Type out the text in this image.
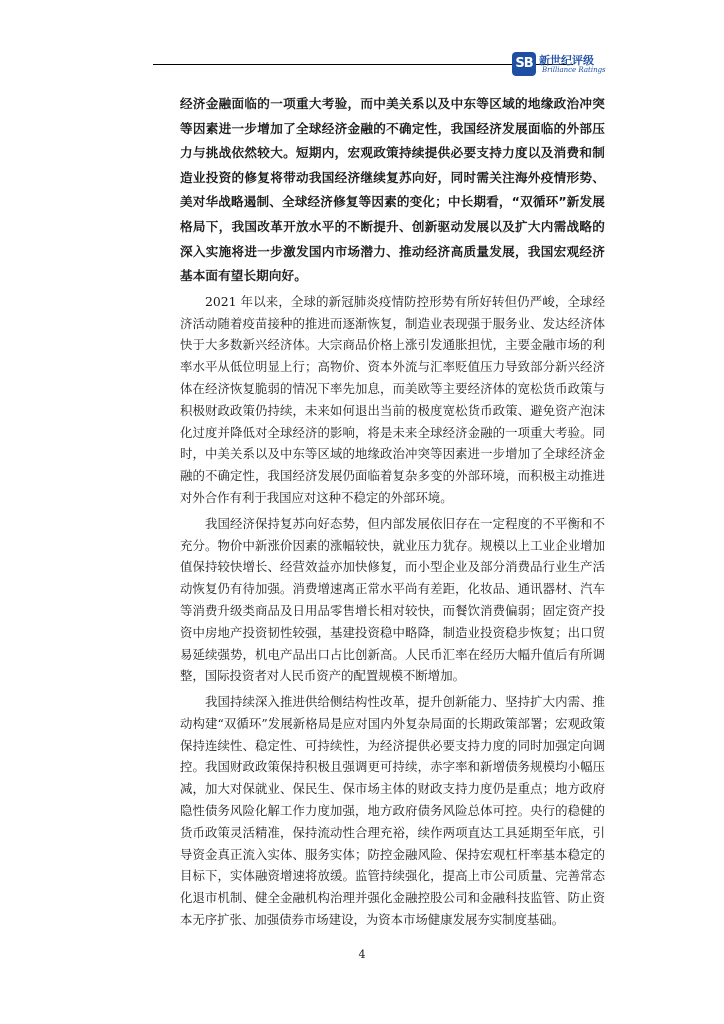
SB 新世纪评级
Brilliance Ratings

经济金融面临的一项重大考验，而中美关系以及中东等区域的地缘政治冲突等因素进一步增加了全球经济金融的不确定性，我国经济发展面临的外部压力与挑战依然较大。短期内，宏观政策持续提供必要支持力度以及消费和制造业投资的修复将带动我国经济继续复苏向好，同时需关注海外疫情形势、美对华战略遏制、全球经济修复等因素的变化；中长期看，“双循环”新发展格局下，我国改革开放水平的不断提升、创新驱动发展以及扩大内需战略的深入实施将进一步激发国内市场潜力、推动经济高质量发展，我国宏观经济基本面有望长期向好。

2021 年以来，全球的新冠肺炎疫情防控形势有所好转但仍严峻，全球经济活动随着疫苗接种的推进而逐渐恢复，制造业表现强于服务业、发达经济体快于大多数新兴经济体。大宗商品价格上涨引发通胀担忧，主要金融市场的利率水平从低位明显上行；高物价、资本外流与汇率贬值压力导致部分新兴经济体在经济恢复脆弱的情况下率先加息，而美欧等主要经济体的宽松货币政策与积极财政政策仍持续，未来如何退出当前的极度宽松货币政策、避免资产泡沫化过度并降低对全球经济的影响，将是未来全球经济金融的一项重大考验。同时，中美关系以及中东等区域的地缘政治冲突等因素进一步增加了全球经济金融的不确定性，我国经济发展仍面临着复杂多变的外部环境，而积极主动推进对外合作有利于我国应对这种不稳定的外部环境。

我国经济保持复苏向好态势，但内部发展依旧存在一定程度的不平衡和不充分。物价中新涨价因素的涨幅较快，就业压力犹存。规模以上工业企业增加值保持较快增长、经营效益亦加快修复，而小型企业及部分消费品行业生产活动恢复仍有待加强。消费增速离正常水平尚有差距，化妆品、通讯器材、汽车等消费升级类商品及日用品零售增长相对较快，而餐饮消费偏弱；固定资产投资中房地产投资韧性较强，基建投资稳中略降，制造业投资稳步恢复；出口贸易延续强势，机电产品出口占比创新高。人民币汇率在经历大幅升值后有所调整，国际投资者对人民币资产的配置规模不断增加。

我国持续深入推进供给侧结构性改革，提升创新能力、坚持扩大内需、推动构建“双循环”发展新格局是应对国内外复杂局面的长期政策部署；宏观政策保持连续性、稳定性、可持续性，为经济提供必要支持力度的同时加强定向调控。我国财政政策保持积极且强调更可持续，赤字率和新增债务规模均小幅压减，加大对保就业、保民生、保市场主体的财政支持力度仍是重点；地方政府隐性债务风险化解工作力度加强，地方政府债务风险总体可控。央行的稳健的货币政策灵活精准，保持流动性合理充裕，续作两项直达工具延期至年底，引导资金真正流入实体、服务实体；防控金融风险、保持宏观杠杆率基本稳定的目标下，实体融资增速将放缓。监管持续强化，提高上市公司质量、完善常态化退市机制、健全金融机构治理并强化金融控股公司和金融科技监管、防止资本无序扩张、加强债券市场建设，为资本市场健康发展夯实制度基础。

4
